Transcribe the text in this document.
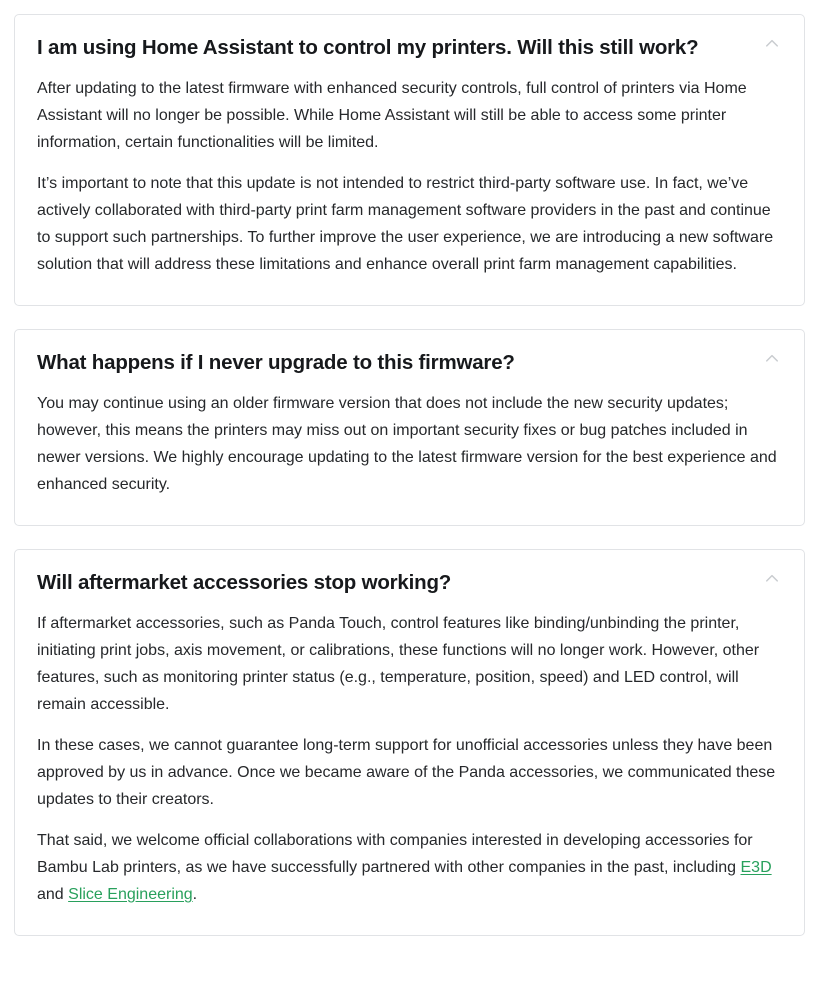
I am using Home Assistant to control my printers. Will this still work?

After updating to the latest firmware with enhanced security controls, full control of printers via Home Assistant will no longer be possible. While Home Assistant will still be able to access some printer information, certain functionalities will be limited.

It’s important to note that this update is not intended to restrict third-party software use. In fact, we’ve actively collaborated with third-party print farm management software providers in the past and continue to support such partnerships. To further improve the user experience, we are introducing a new software solution that will address these limitations and enhance overall print farm management capabilities.

What happens if I never upgrade to this firmware?

You may continue using an older firmware version that does not include the new security updates; however, this means the printers may miss out on important security fixes or bug patches included in newer versions. We highly encourage updating to the latest firmware version for the best experience and enhanced security.

Will aftermarket accessories stop working?

If aftermarket accessories, such as Panda Touch, control features like binding/unbinding the printer, initiating print jobs, axis movement, or calibrations, these functions will no longer work. However, other features, such as monitoring printer status (e.g., temperature, position, speed) and LED control, will remain accessible.

In these cases, we cannot guarantee long-term support for unofficial accessories unless they have been approved by us in advance. Once we became aware of the Panda accessories, we communicated these updates to their creators.

That said, we welcome official collaborations with companies interested in developing accessories for Bambu Lab printers, as we have successfully partnered with other companies in the past, including E3D and Slice Engineering.
